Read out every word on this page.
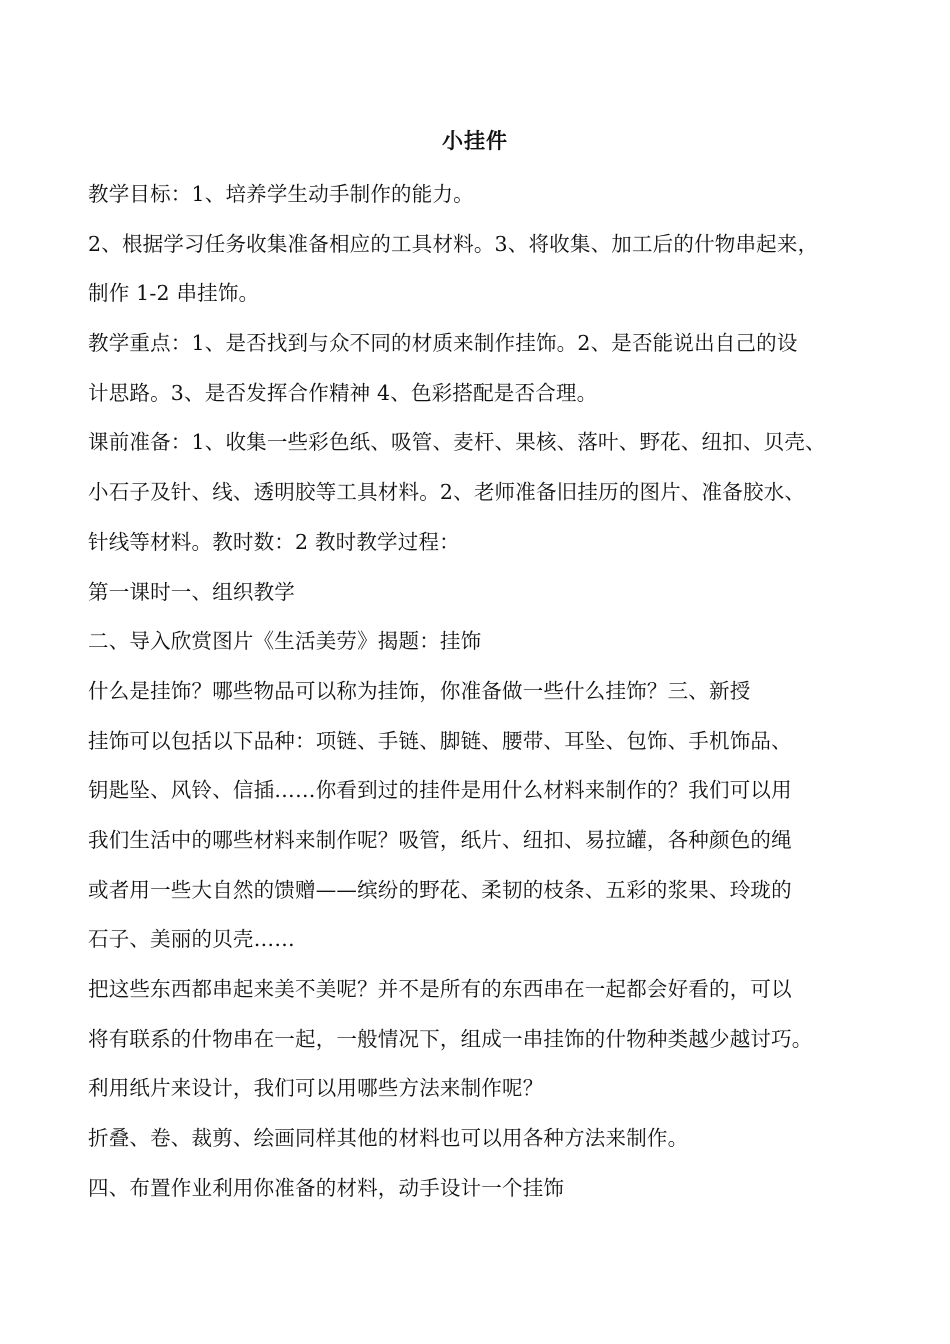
小挂件
教学目标：1、培养学生动手制作的能力。
2、根据学习任务收集准备相应的工具材料。3、将收集、加工后的什物串起来，
制作 1-2 串挂饰。
教学重点：1、是否找到与众不同的材质来制作挂饰。2、是否能说出自己的设
计思路。3、是否发挥合作精神 4、色彩搭配是否合理。
课前准备：1、收集一些彩色纸、吸管、麦杆、果核、落叶、野花、纽扣、贝壳、
小石子及针、线、透明胶等工具材料。2、老师准备旧挂历的图片、准备胶水、
针线等材料。教时数：2 教时教学过程：
第一课时一、组织教学
二、导入欣赏图片《生活美劳》揭题：挂饰
什么是挂饰？哪些物品可以称为挂饰，你准备做一些什么挂饰？三、新授
挂饰可以包括以下品种：项链、手链、脚链、腰带、耳坠、包饰、手机饰品、
钥匙坠、风铃、信插……你看到过的挂件是用什么材料来制作的？我们可以用
我们生活中的哪些材料来制作呢？吸管，纸片、纽扣、易拉罐，各种颜色的绳
或者用一些大自然的馈赠——缤纷的野花、柔韧的枝条、五彩的浆果、玲珑的
石子、美丽的贝壳……
把这些东西都串起来美不美呢？并不是所有的东西串在一起都会好看的，可以
将有联系的什物串在一起，一般情况下，组成一串挂饰的什物种类越少越讨巧。
利用纸片来设计，我们可以用哪些方法来制作呢？
折叠、卷、裁剪、绘画同样其他的材料也可以用各种方法来制作。
四、布置作业利用你准备的材料，动手设计一个挂饰
